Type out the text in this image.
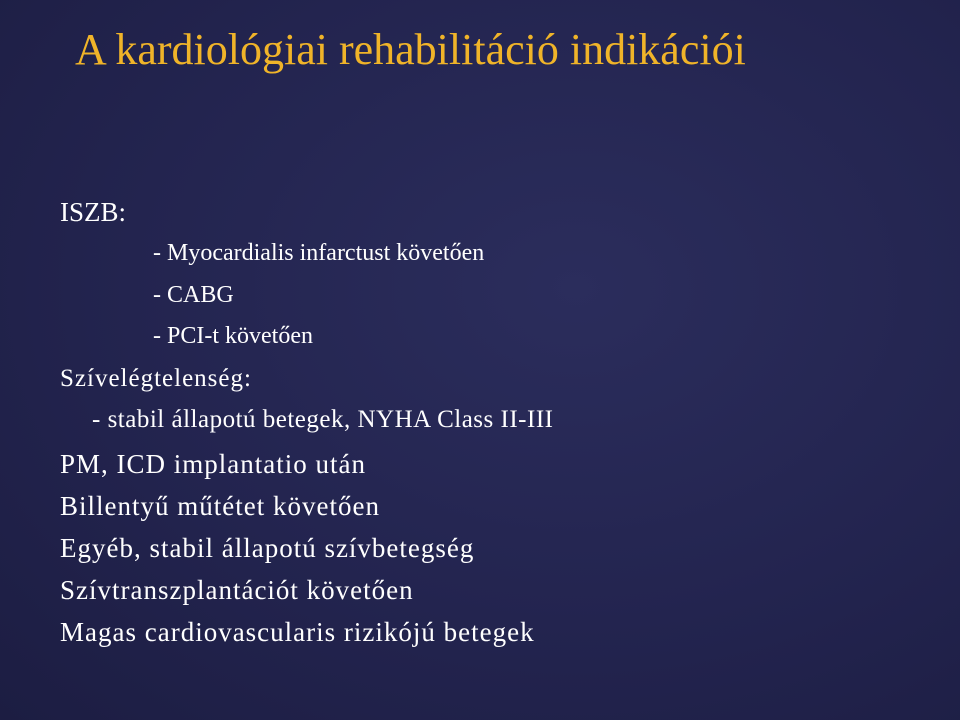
A kardiológiai rehabilitáció indikációi

ISZB:

- Myocardialis infarctust követően

- CABG

- PCI-t követően

Szívelégtelenség:

- stabil állapotú betegek, NYHA Class II-III

PM, ICD implantatio után

Billentyű műtétet követően

Egyéb, stabil állapotú szívbetegség

Szívtranszplantációt követően

Magas cardiovascularis rizikójú betegek
